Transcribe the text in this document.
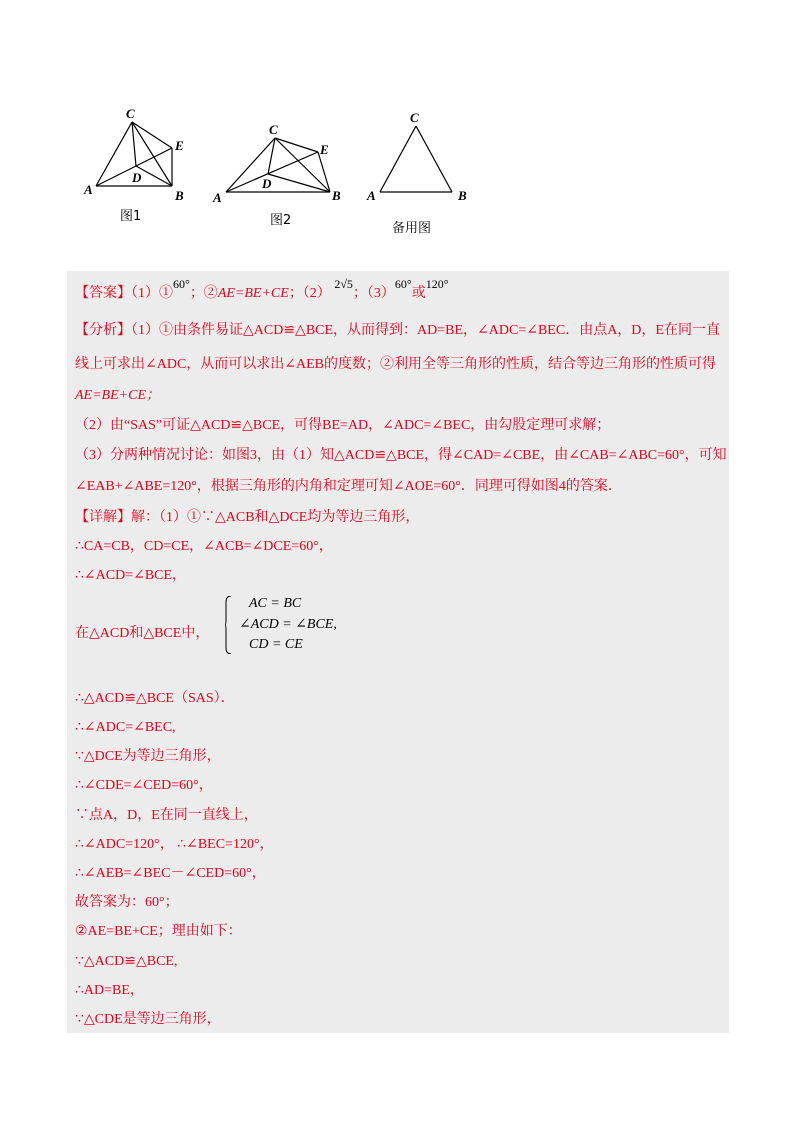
C
E
D
A	B
图1
C
E
D
A	B
图2
C
A	B
备用图
【答案】（1）①60°；②AE=BE+CE；（2） 2√5；（3）60°或120°
【分析】（1）①由条件易证△ACD≌△BCE，从而得到：AD=BE，∠ADC=∠BEC．由点A，D，E在同一直
线上可求出∠ADC，从而可以求出∠AEB的度数；②利用全等三角形的性质，结合等边三角形的性质可得
AE=BE+CE；
（2）由“SAS”可证△ACD≌△BCE，可得BE=AD，∠ADC=∠BEC，由勾股定理可求解；
（3）分两种情况讨论：如图3，由（1）知△ACD≌△BCE，得∠CAD=∠CBE，由∠CAB=∠ABC=60°，可知
∠EAB+∠ABE=120°，根据三角形的内角和定理可知∠AOE=60°．同理可得如图4的答案．
【详解】解：（1）①∵△ACB和△DCE均为等边三角形，
∴CA=CB，CD=CE，∠ACB=∠DCE=60°，
∴∠ACD=∠BCE，
在△ACD和△BCE中，
AC = BC
∠ACD = ∠BCE,
CD = CE
∴△ACD≌△BCE（SAS）．
∴∠ADC=∠BEC,
∵△DCE为等边三角形，
∴∠CDE=∠CED=60°，
∵点A，D，E在同一直线上，
∴∠ADC=120°， ∴∠BEC=120°，
∴∠AEB=∠BEC－∠CED=60°，
故答案为：60°；
②AE=BE+CE；理由如下：
∵△ACD≌△BCE,
∴AD=BE，
∵△CDE是等边三角形，
